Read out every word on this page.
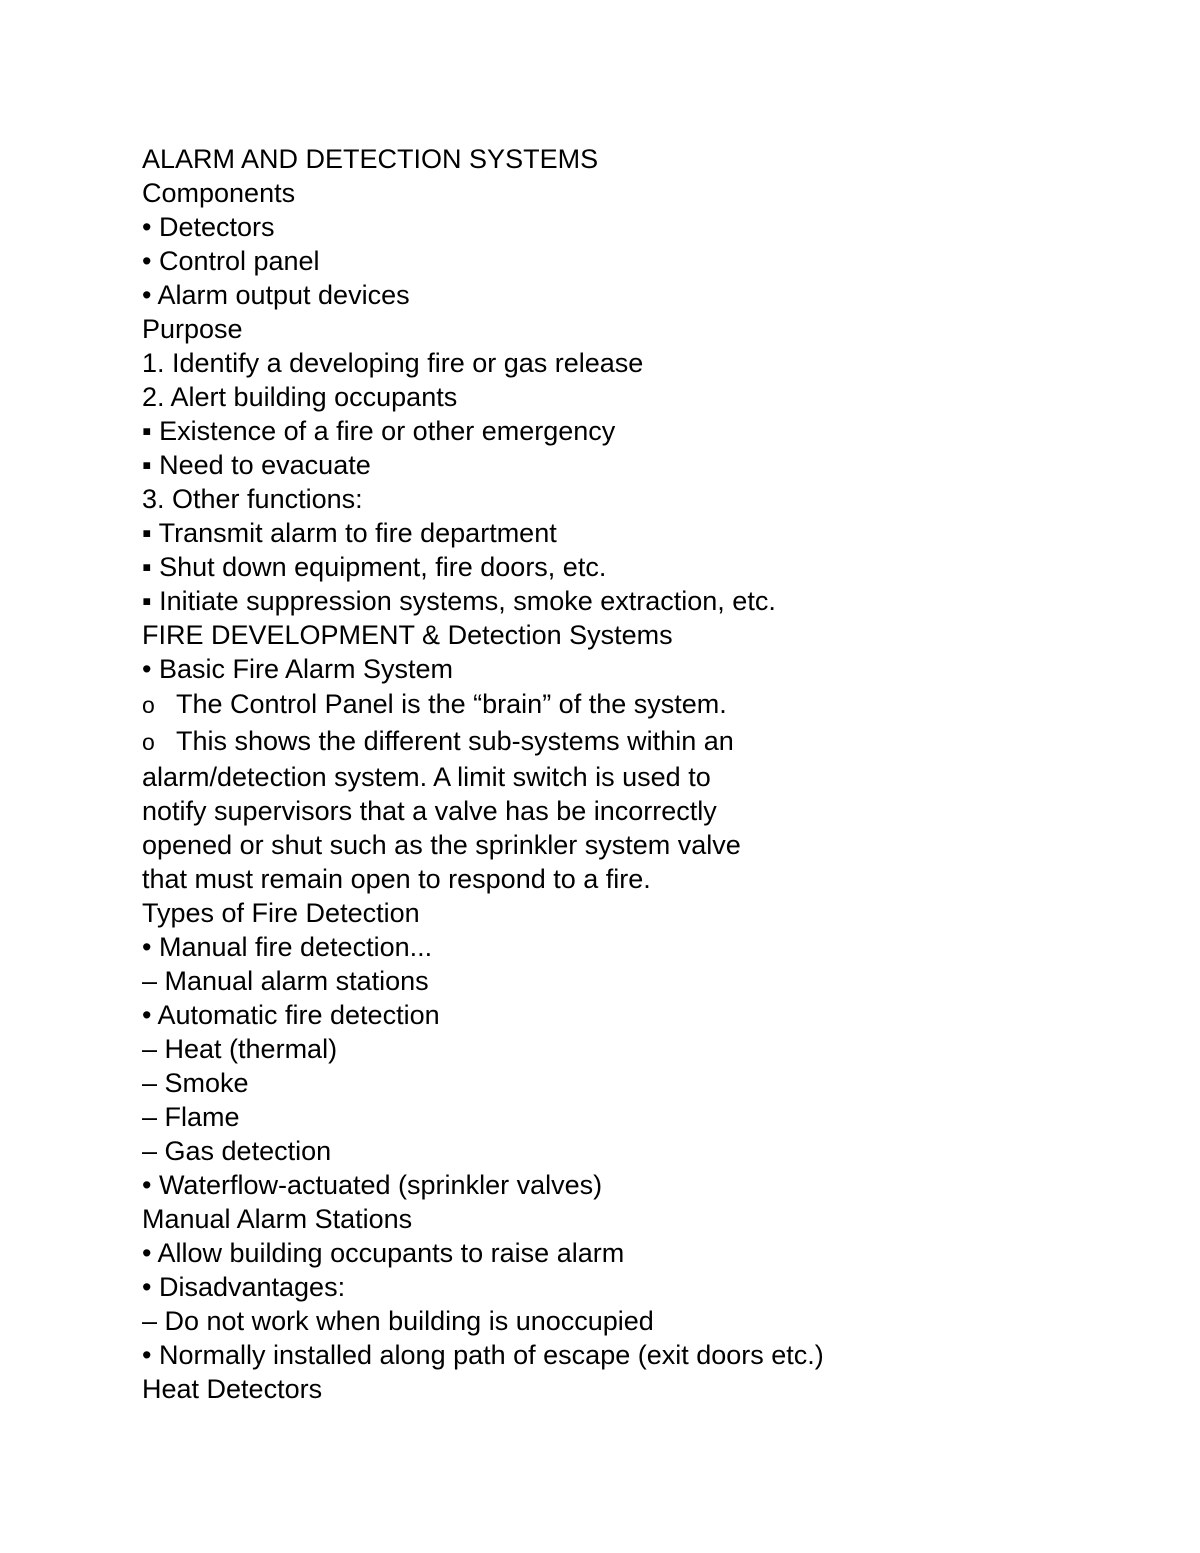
ALARM AND DETECTION SYSTEMS
Components
• Detectors
• Control panel
• Alarm output devices
Purpose
1. Identify a developing fire or gas release
2. Alert building occupants
▪ Existence of a fire or other emergency
▪ Need to evacuate
3. Other functions:
▪ Transmit alarm to fire department
▪ Shut down equipment, fire doors, etc.
▪ Initiate suppression systems, smoke extraction, etc.
FIRE DEVELOPMENT & Detection Systems
• Basic Fire Alarm System
o The Control Panel is the “brain” of the system.
o This shows the different sub-systems within an
alarm/detection system. A limit switch is used to
notify supervisors that a valve has be incorrectly
opened or shut such as the sprinkler system valve
that must remain open to respond to a fire.
Types of Fire Detection
• Manual fire detection...
– Manual alarm stations
• Automatic fire detection
– Heat (thermal)
– Smoke
– Flame
– Gas detection
• Waterflow-actuated (sprinkler valves)
Manual Alarm Stations
• Allow building occupants to raise alarm
• Disadvantages:
– Do not work when building is unoccupied
• Normally installed along path of escape (exit doors etc.)
Heat Detectors
